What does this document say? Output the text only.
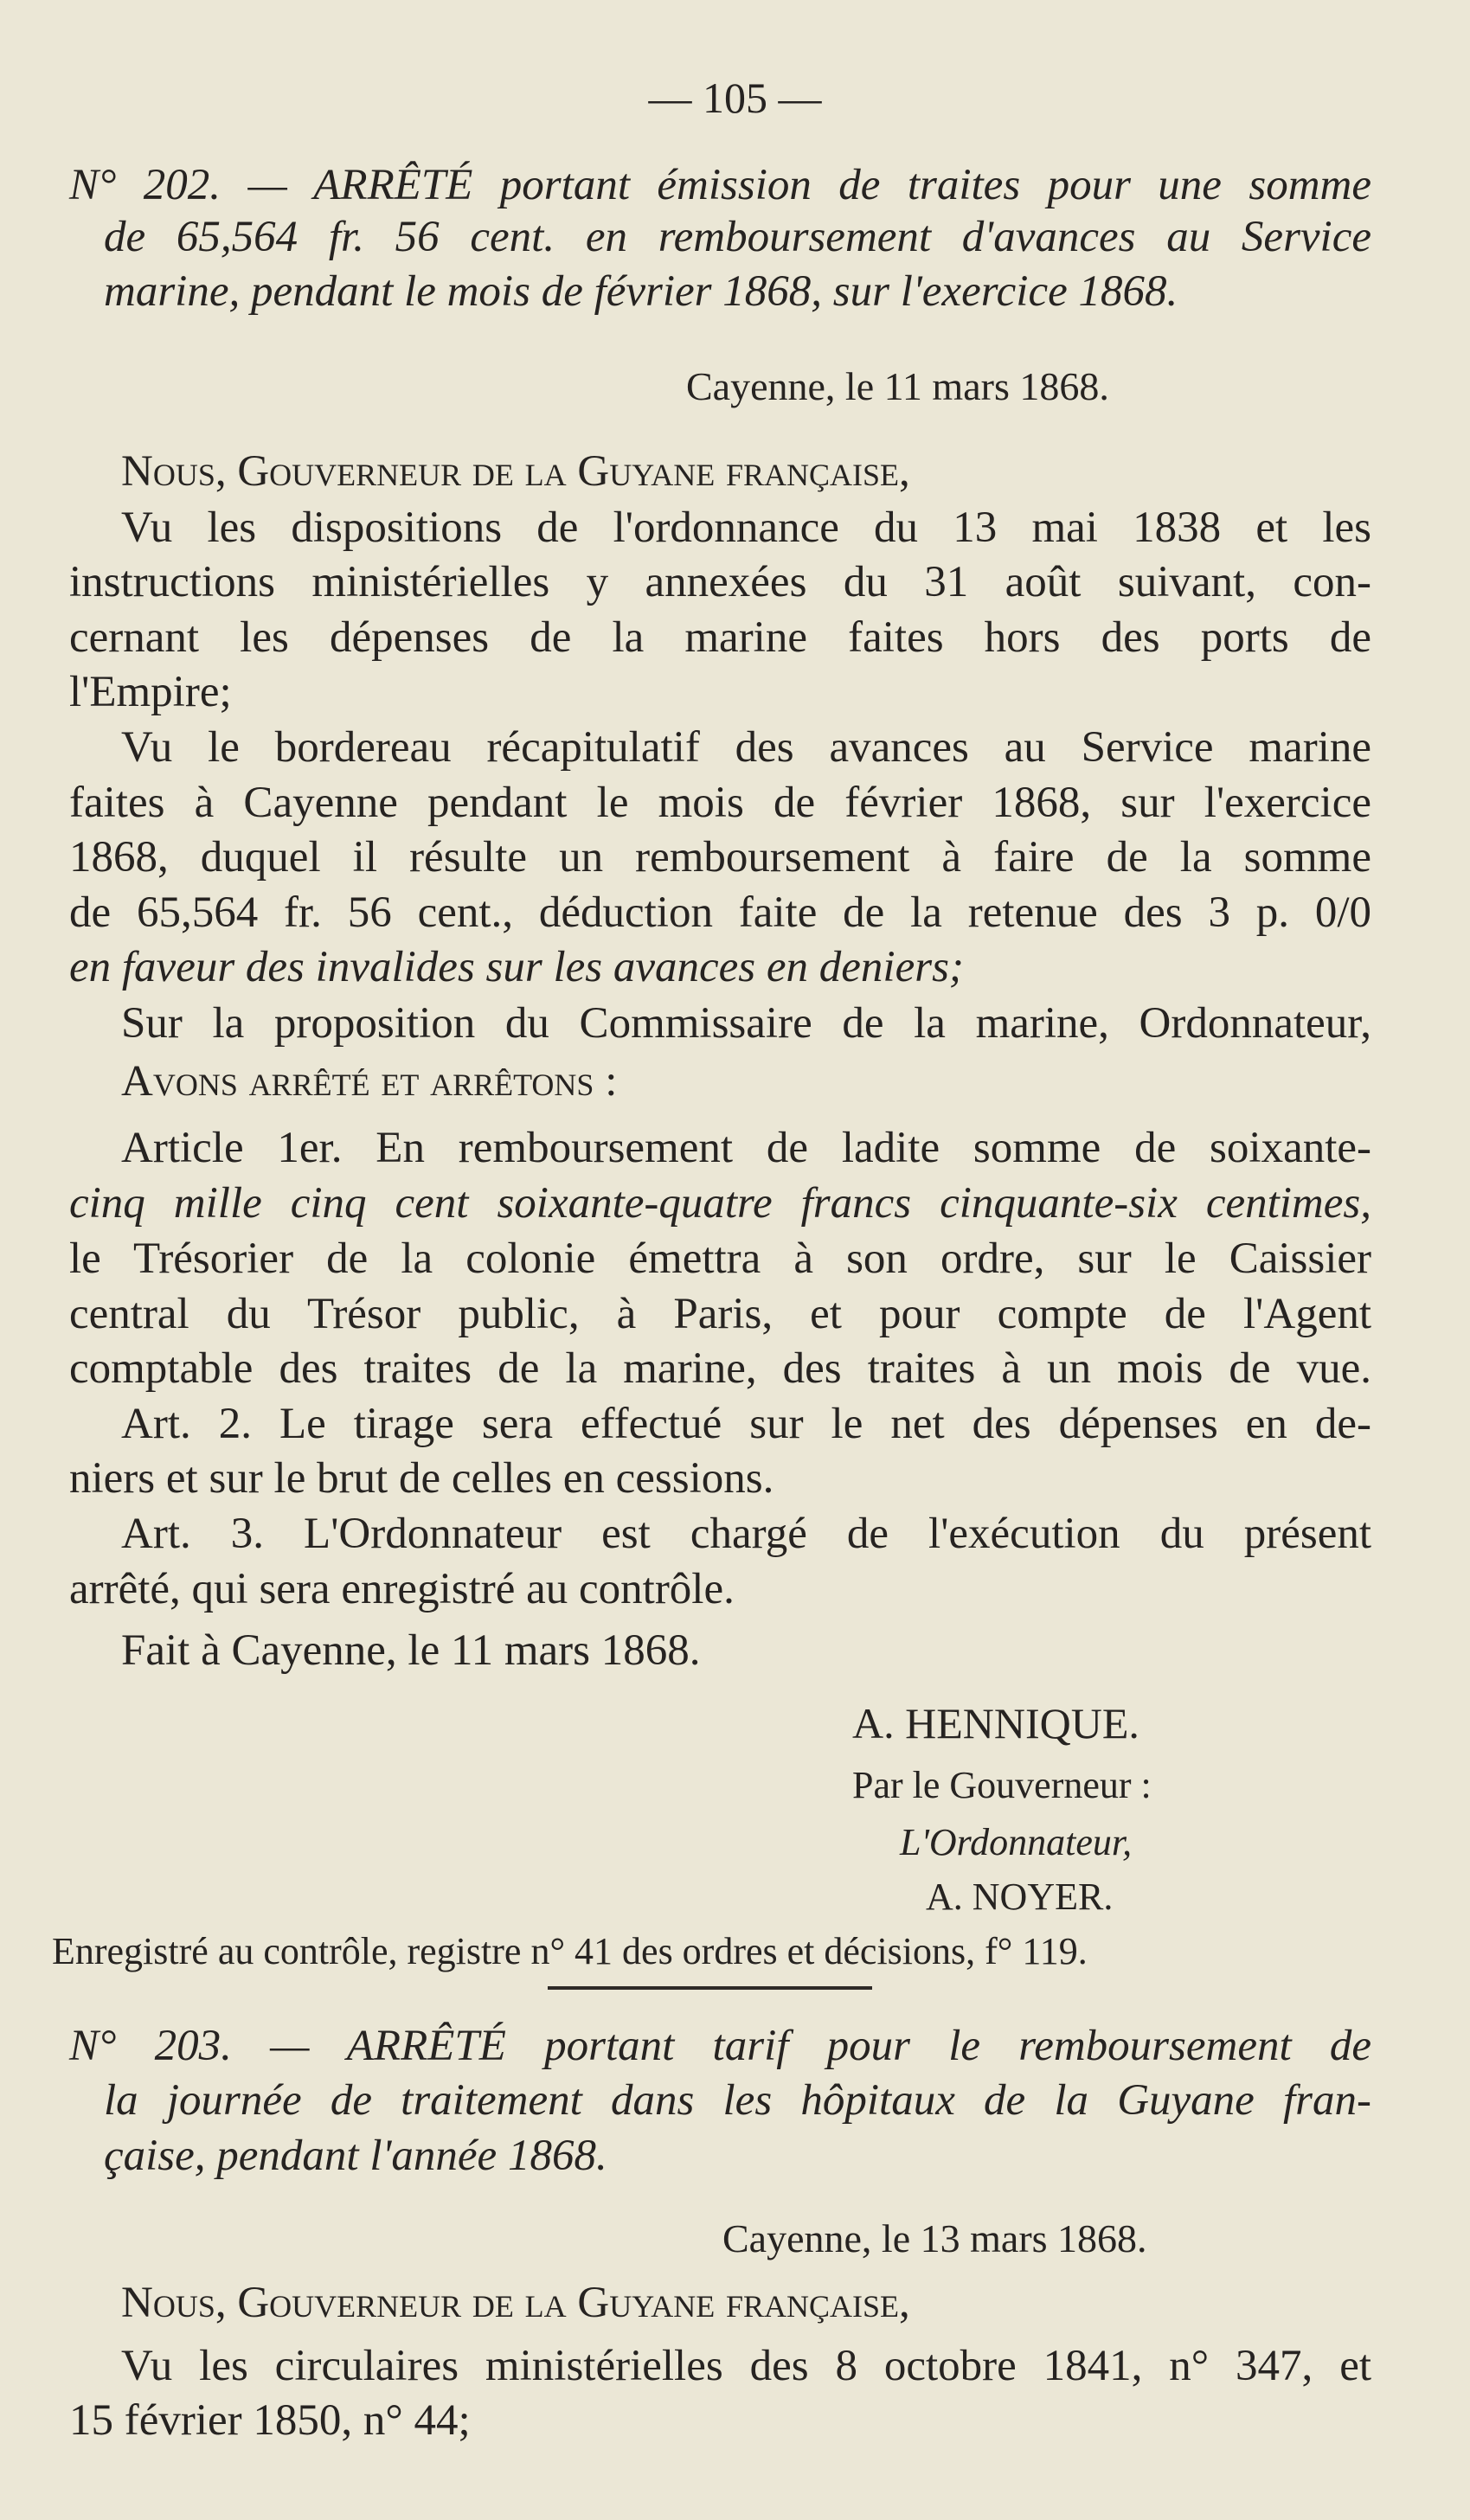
— 105 —
N° 202. — ARRÊTÉ portant émission de traites pour une somme
de 65,564 fr. 56 cent. en remboursement d'avances au Service
marine, pendant le mois de février 1868, sur l'exercice 1868.
Cayenne, le 11 mars 1868.
Nous, Gouverneur de la Guyane française,
Vu les dispositions de l'ordonnance du 13 mai 1838 et les
instructions ministérielles y annexées du 31 août suivant, con-
cernant les dépenses de la marine faites hors des ports de
l'Empire;
Vu le bordereau récapitulatif des avances au Service marine
faites à Cayenne pendant le mois de février 1868, sur l'exercice
1868, duquel il résulte un remboursement à faire de la somme
de 65,564 fr. 56 cent., déduction faite de la retenue des 3 p. 0/0
en faveur des invalides sur les avances en deniers;
Sur la proposition du Commissaire de la marine, Ordonnateur,
Avons arrêté et arrêtons :
Article 1er. En remboursement de ladite somme de soixante-
cinq mille cinq cent soixante-quatre francs cinquante-six centimes,
le Trésorier de la colonie émettra à son ordre, sur le Caissier
central du Trésor public, à Paris, et pour compte de l'Agent
comptable des traites de la marine, des traites à un mois de vue.
Art. 2. Le tirage sera effectué sur le net des dépenses en de-
niers et sur le brut de celles en cessions.
Art. 3. L'Ordonnateur est chargé de l'exécution du présent
arrêté, qui sera enregistré au contrôle.
Fait à Cayenne, le 11 mars 1868.
A. HENNIQUE.
Par le Gouverneur :
L'Ordonnateur,
A. NOYER.
Enregistré au contrôle, registre n° 41 des ordres et décisions, f° 119.
N° 203. — ARRÊTÉ portant tarif pour le remboursement de
la journée de traitement dans les hôpitaux de la Guyane fran-
çaise, pendant l'année 1868.
Cayenne, le 13 mars 1868.
Nous, Gouverneur de la Guyane française,
Vu les circulaires ministérielles des 8 octobre 1841, n° 347, et
15 février 1850, n° 44;
